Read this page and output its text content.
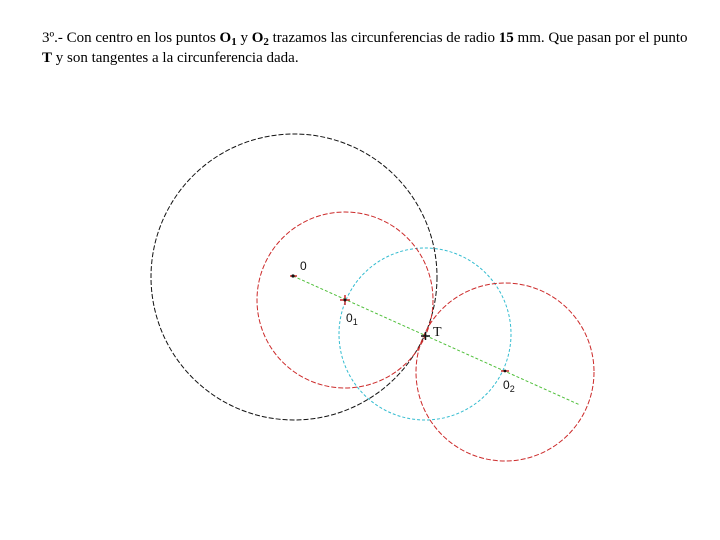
3º.- Con centro en los puntos $O_1$ y $O_2$ trazamos las circunferencias de radio 15 mm. Que pasan por el punto T y son tangentes a la circunferencia dada.
0
$0_1$
T
$0_2$
